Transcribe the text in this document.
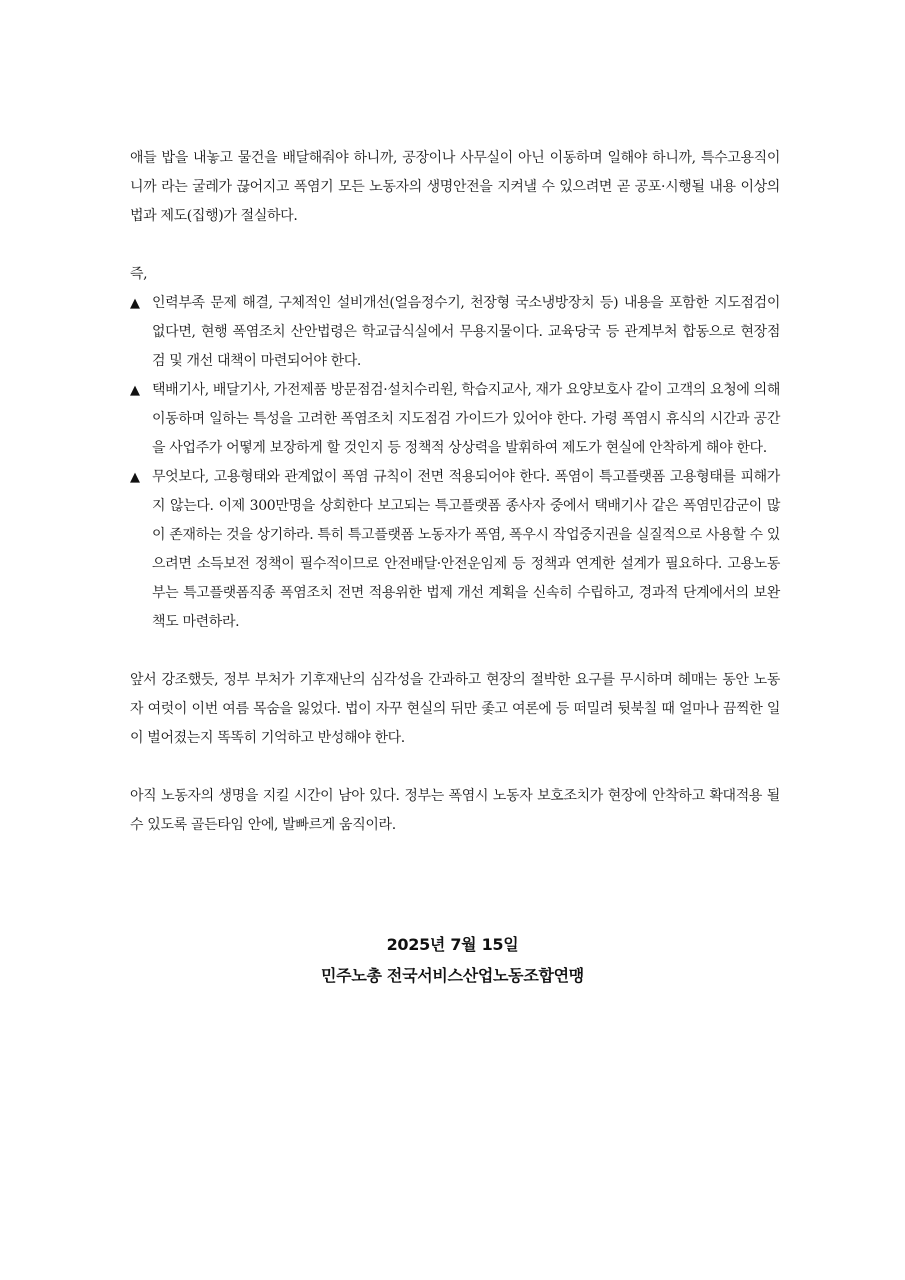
애들 밥을 내놓고 물건을 배달해줘야 하니까, 공장이나 사무실이 아닌 이동하며 일해야 하니까, 특수고용직이니까 라는 굴레가 끊어지고 폭염기 모든 노동자의 생명안전을 지켜낼 수 있으려면 곧 공포·시행될 내용 이상의 법과 제도(집행)가 절실하다.

즉,

▲ 인력부족 문제 해결, 구체적인 설비개선(얼음정수기, 천장형 국소냉방장치 등) 내용을 포함한 지도점검이 없다면, 현행 폭염조치 산안법령은 학교급식실에서 무용지물이다. 교육당국 등 관계부처 합동으로 현장점검 및 개선 대책이 마련되어야 한다.
▲ 택배기사, 배달기사, 가전제품 방문점검·설치수리원, 학습지교사, 재가 요양보호사 같이 고객의 요청에 의해 이동하며 일하는 특성을 고려한 폭염조치 지도점검 가이드가 있어야 한다. 가령 폭염시 휴식의 시간과 공간을 사업주가 어떻게 보장하게 할 것인지 등 정책적 상상력을 발휘하여 제도가 현실에 안착하게 해야 한다.
▲ 무엇보다, 고용형태와 관계없이 폭염 규칙이 전면 적용되어야 한다. 폭염이 특고플랫폼 고용형태를 피해가지 않는다. 이제 300만명을 상회한다 보고되는 특고플랫폼 종사자 중에서 택배기사 같은 폭염민감군이 많이 존재하는 것을 상기하라. 특히 특고플랫폼 노동자가 폭염, 폭우시 작업중지권을 실질적으로 사용할 수 있으려면 소득보전 정책이 필수적이므로 안전배달·안전운임제 등 정책과 연계한 설계가 필요하다. 고용노동부는 특고플랫폼직종 폭염조치 전면 적용위한 법제 개선 계획을 신속히 수립하고, 경과적 단계에서의 보완책도 마련하라.

앞서 강조했듯, 정부 부처가 기후재난의 심각성을 간과하고 현장의 절박한 요구를 무시하며 헤매는 동안 노동자 여럿이 이번 여름 목숨을 잃었다. 법이 자꾸 현실의 뒤만 좇고 여론에 등 떠밀려 뒷북칠 때 얼마나 끔찍한 일이 벌어졌는지 똑똑히 기억하고 반성해야 한다.

아직 노동자의 생명을 지킬 시간이 남아 있다. 정부는 폭염시 노동자 보호조치가 현장에 안착하고 확대적용 될 수 있도록 골든타임 안에, 발빠르게 움직이라.

2025년 7월 15일
민주노총 전국서비스산업노동조합연맹
